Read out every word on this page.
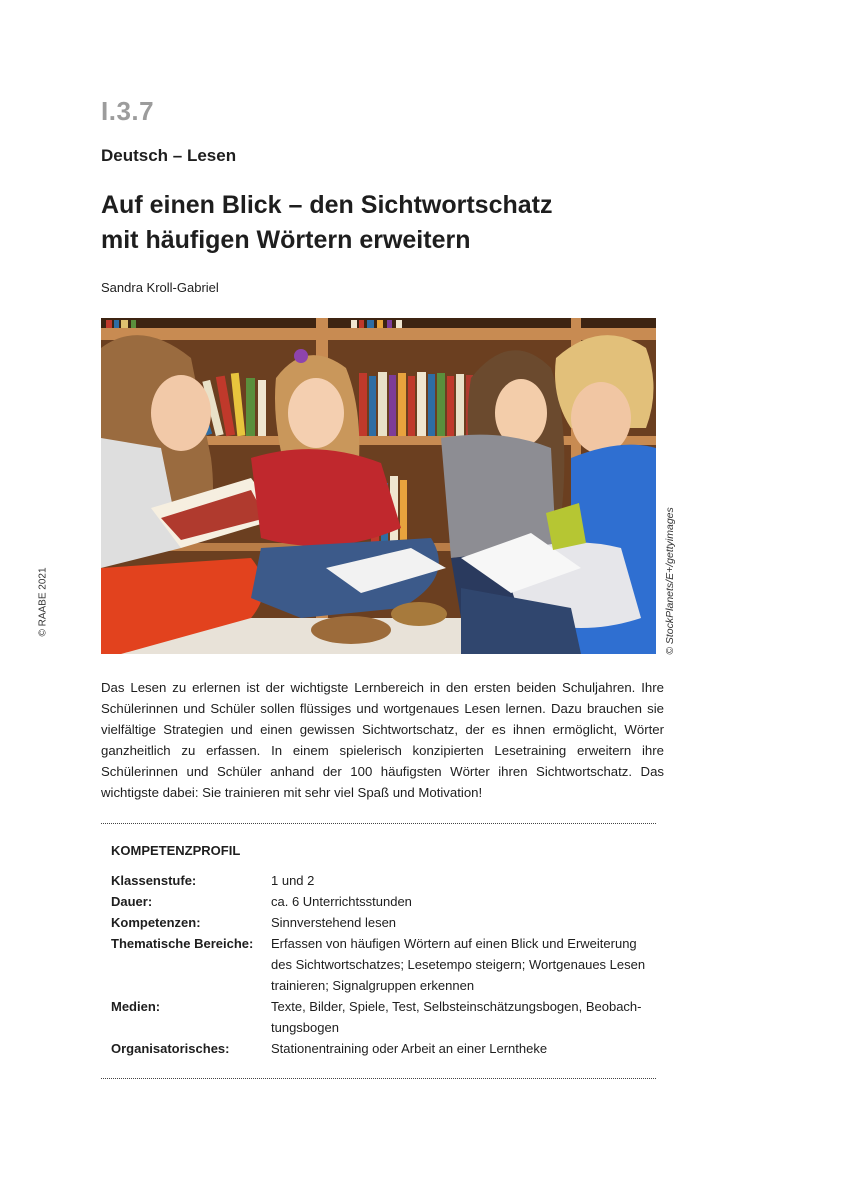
I.3.7
Deutsch – Lesen
Auf einen Blick – den Sichtwortschatz
mit häufigen Wörtern erweitern
Sandra Kroll-Gabriel
© RAABE 2021	© StockPlanets/E+/gettyimages
Das Lesen zu erlernen ist der wichtigste Lernbereich in den ersten beiden Schuljahren. Ihre Schülerinnen und Schüler sollen flüssiges und wortgenaues Lesen lernen. Dazu brauchen sie vielfältige Strategien und einen gewissen Sichtwortschatz, der es ihnen ermöglicht, Wörter ganzheitlich zu erfassen. In einem spielerisch konzipierten Lesetraining erweitern ihre Schülerinnen und Schüler anhand der 100 häufigsten Wörter ihren Sichtwortschatz. Das wichtigste dabei: Sie trainieren mit sehr viel Spaß und Motivation!
KOMPETENZPROFIL
Klassenstufe:	1 und 2
Dauer:	ca. 6 Unterrichtsstunden
Kompetenzen:	Sinnverstehend lesen
Thematische Bereiche: Erfassen von häufigen Wörtern auf einen Blick und Erweiterung des Sichtwortschatzes; Lesetempo steigern; Wortgenaues Lesen trainieren; Signalgruppen erkennen
Medien:	Texte, Bilder, Spiele, Test, Selbsteinschätzungsbogen, Beobachtungsbogen
Organisatorisches:	Stationentraining oder Arbeit an einer Lerntheke
